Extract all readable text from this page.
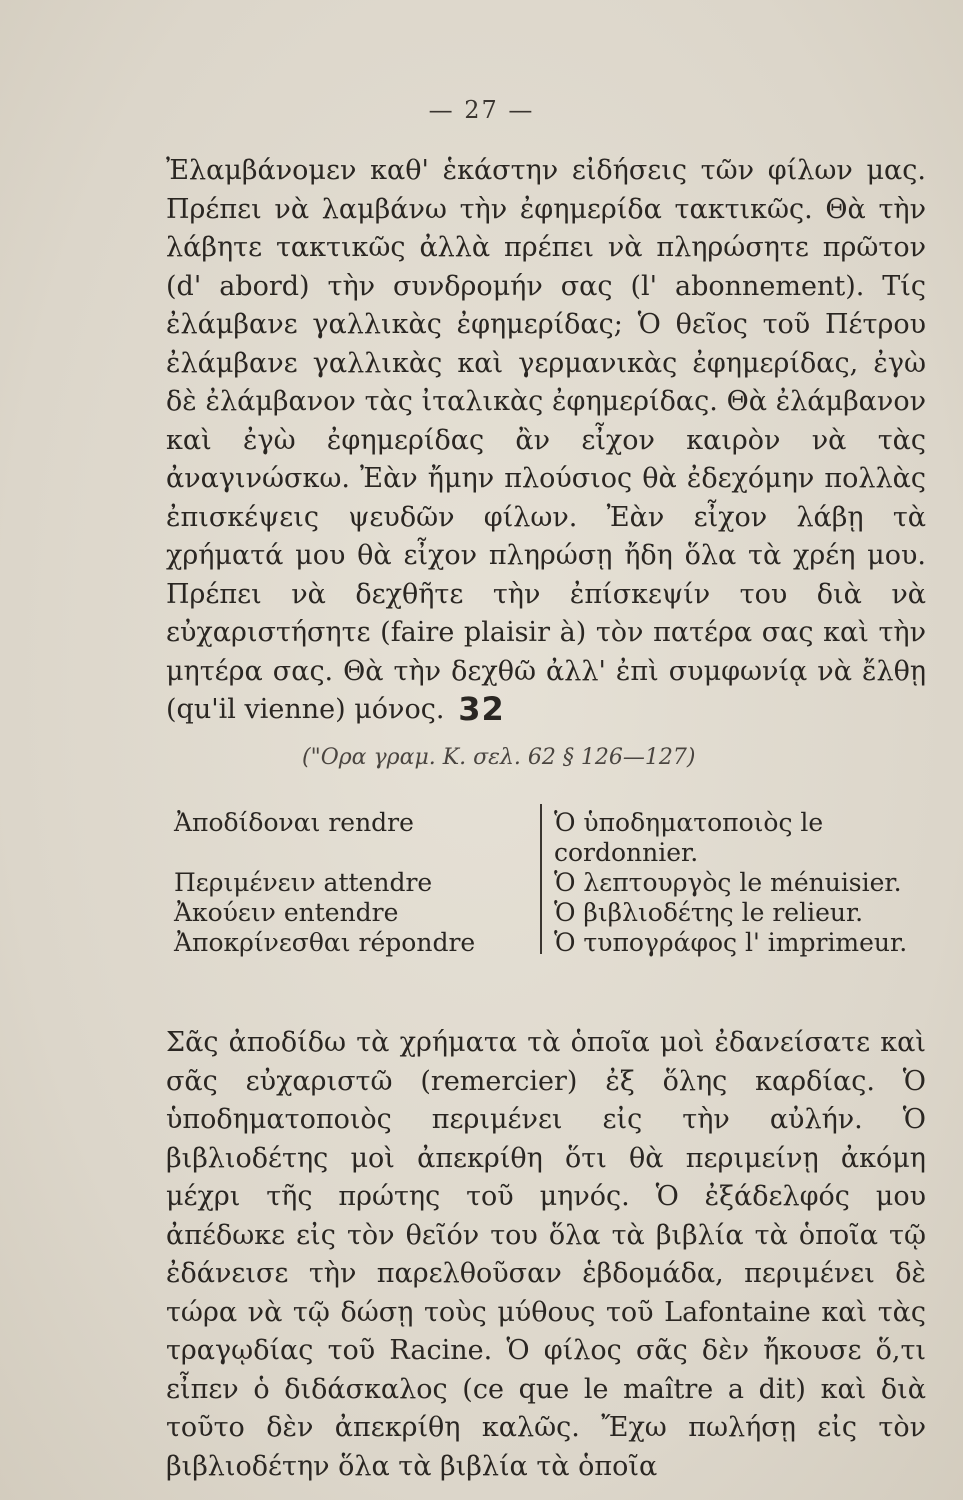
— 27 —

Ἐλαμβάνομεν καθ' ἑκάστην εἰδήσεις τῶν φίλων μας. Πρέπει νὰ λαμβάνω τὴν ἐφημερίδα τακτικῶς. Θὰ τὴν λάβητε τακτικῶς ἀλλὰ πρέπει νὰ πληρώσητε πρῶτον (d' abord) τὴν συνδρομήν σας (l' abonnement). Τίς ἐλάμβανε γαλλικὰς ἐφημερίδας; Ὁ θεῖος τοῦ Πέτρου ἐλάμβανε γαλλικὰς καὶ γερμανικὰς ἐφημερίδας, ἐγὼ δὲ ἐλάμβανον τὰς ἰταλικὰς ἐφημερίδας. Θὰ ἐλάμβανον καὶ ἐγὼ ἐφημερίδας ἂν εἶχον καιρὸν νὰ τὰς ἀναγινώσκω. Ἐὰν ἤμην πλούσιος θὰ ἐδεχόμην πολλὰς ἐπισκέψεις ψευδῶν φίλων. Ἐὰν εἶχον λάβῃ τὰ χρήματά μου θὰ εἶχον πληρώσῃ ἤδη ὅλα τὰ χρέη μου. Πρέπει νὰ δεχθῆτε τὴν ἐπίσκεψίν του διὰ νὰ εὐχαριστήσητε (faire plaisir à) τὸν πατέρα σας καὶ τὴν μητέρα σας. Θὰ τὴν δεχθῶ ἀλλ' ἐπὶ συμφωνίᾳ νὰ ἔλθῃ (qu'il vienne) μόνος. 32
("Ορα γραμ. Κ. σελ. 62 § 126—127)
Ἀποδίδοναι rendre
Περιμένειν attendre
Ἀκούειν entendre
Ἀποκρίνεσθαι répondre
Ὁ ὑποδηματοποιὸς le cordonnier.
Ὁ λεπτουργὸς le ménuisier.
Ὁ βιβλιοδέτης le relieur.
Ὁ τυπογράφος l' imprimeur.

Σᾶς ἀποδίδω τὰ χρήματα τὰ ὁποῖα μοὶ ἐδανείσατε καὶ σᾶς εὐχαριστῶ (remercier) ἐξ ὅλης καρδίας. Ὁ ὑποδηματοποιὸς περιμένει εἰς τὴν αὐλήν. Ὁ βιβλιοδέτης μοὶ ἀπεκρίθη ὅτι θὰ περιμείνῃ ἀκόμη μέχρι τῆς πρώτης τοῦ μηνός. Ὁ ἐξάδελφός μου ἀπέδωκε εἰς τὸν θεῖόν του ὅλα τὰ βιβλία τὰ ὁποῖα τῷ ἐδάνεισε τὴν παρελθοῦσαν ἑβδομάδα, περιμένει δὲ τώρα νὰ τῷ δώσῃ τοὺς μύθους τοῦ Lafontaine καὶ τὰς τραγῳδίας τοῦ Racine. Ὁ φίλος σᾶς δὲν ἤκουσε ὅ,τι εἶπεν ὁ διδάσκαλος (ce que le maître a dit) καὶ διὰ τοῦτο δὲν ἀπεκρίθη καλῶς. Ἔχω πωλήσῃ εἰς τὸν βιβλιοδέτην ὅλα τὰ βιβλία τὰ ὁποῖα
